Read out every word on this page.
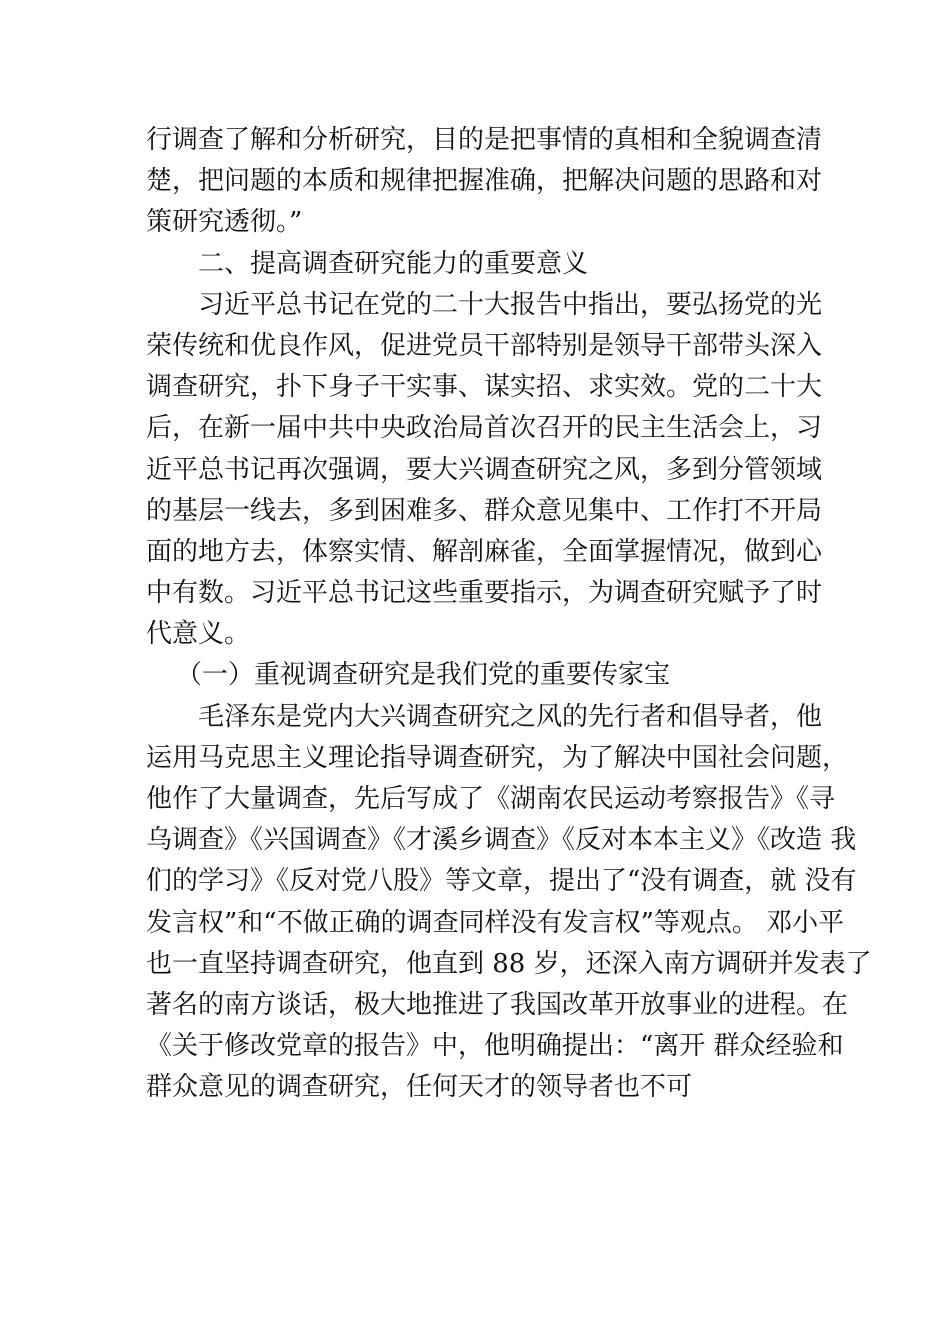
行调查了解和分析研究，目的是把事情的真相和全貌调查清
楚，把问题的本质和规律把握准确，把解决问题的思路和对
策研究透彻。”
二、提高调查研究能力的重要意义
习近平总书记在党的二十大报告中指出，要弘扬党的光
荣传统和优良作风，促进党员干部特别是领导干部带头深入
调查研究，扑下身子干实事、谋实招、求实效。党的二十大
后，在新一届中共中央政治局首次召开的民主生活会上，习
近平总书记再次强调，要大兴调查研究之风，多到分管领域
的基层一线去，多到困难多、群众意见集中、工作打不开局
面的地方去，体察实情、解剖麻雀，全面掌握情况，做到心
中有数。习近平总书记这些重要指示，为调查研究赋予了时
代意义。
（一）重视调查研究是我们党的重要传家宝
毛泽东是党内大兴调查研究之风的先行者和倡导者，他
运用马克思主义理论指导调查研究，为了解决中国社会问题，
他作了大量调查，先后写成了《湖南农民运动考察报告》《寻
乌调查》《兴国调查》《才溪乡调查》《反对本本主义》《改造 我
们的学习》《反对党八股》等文章，提出了“没有调查，就 没有
发言权”和“不做正确的调查同样没有发言权”等观点。 邓小平
也一直坚持调查研究，他直到 88 岁，还深入南方调研并发表了
著名的南方谈话，极大地推进了我国改革开放事业的进程。在
《关于修改党章的报告》中，他明确提出：“离开 群众经验和
群众意见的调查研究，任何天才的领导者也不可
